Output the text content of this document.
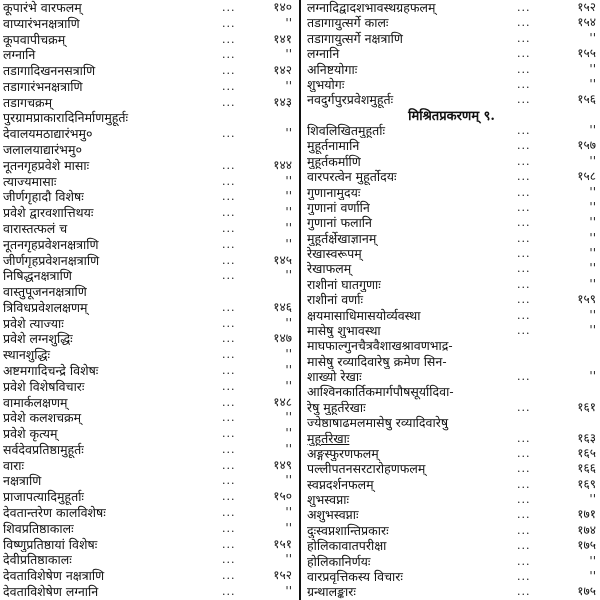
कूपारंभे वारफलम्	...	१४०
वाप्यारंभनक्षत्राणि	...	''
कूपवापीचक्रम्	...	१४१
लग्नानि	...	''
तडागादिखननसत्राणि	...	१४२
तडागारंभनक्षत्राणि	...	''
तडागचक्रम्	...	१४३
पुरग्रामप्राकारादिनिर्माणमुहूर्तः
देवालयमठाद्यारंभमु०	...	''
जलालयाद्यारंभमु०
नूतनगृहप्रवेशे मासाः	...	१४४
त्याज्यमासाः	...	''
जीर्णगृहादौ विशेषः	...	''
प्रवेशे द्वारवशात्तिथयः	...	''
वारास्तत्फलं च	...	''
नूतनगृहप्रवेशनक्षत्राणि	...	''
जीर्णगृहप्रवेशनक्षत्राणि	...	१४५
निषिद्धनक्षत्राणि	...	''
वास्तुपूजननक्षत्राणि
त्रिविधप्रवेशलक्षणम्	...	१४६
प्रवेशे त्याज्याः	...	''
प्रवेशे लग्नशुद्धिः	...	१४७
स्थानशुद्धिः	...	''
अष्टमगादिचन्द्रे विशेषः	...	''
प्रवेशे विशेषविचारः	...	''
वामार्कलक्षणम्	...	१४८
प्रवेशे कलशचक्रम्	...	''
प्रवेशे कृत्यम्	...	''
सर्वदेवप्रतिष्ठामुहूर्तः	...	''
वाराः	...	१४९
नक्षत्राणि	...	''
प्राजापत्यादिमुहूर्ताः	...	१५०
देवतान्तरेण कालविशेषः	...	''
शिवप्रतिष्ठाकालः	...	''
विष्णुप्रतिष्ठायां विशेषः	...	१५१
देवीप्रतिष्ठाकालः	...	''
देवताविशेषेण नक्षत्राणि	...	१५२
देवताविशेषेण लग्नानि	...	''
लग्नादिद्वादशभावस्थग्रहफलम्	...	१५२
तडागायुत्सर्गे कालः	...	१५४
तडागायुत्सर्गे नक्षत्राणि	...	''
लग्नानि	...	१५५
अनिष्टयोगाः	...	''
शुभयोगः	...	''
नवदुर्गपुरप्रवेशमुहूर्तः	...	१५६
मिश्रितप्रकरणम् ९.
शिवलिखितमुहूर्ताः	...	''
मुहूर्तनामानि	...	१५७
मुहूर्तकर्माणि	...	''
वारपरत्वेन मुहूर्तोदयः	...	१५८
गुणानामुदयः	...	''
गुणानां वर्णानि	...	''
गुणानां फलानि	...	''
मुहूर्तर्क्षेखाज्ञानम्	...	''
रेखास्वरूपम्	...	''
रेखाफलम्	...	''
राशीनां घातगुणाः	...	''
राशीनां वर्णाः	...	१५९
क्षयमासाधिमासयोर्व्यवस्था	...	''
मासेषु शुभावस्था	...	''
माघफाल्गुनचैत्रवैशाखश्रावणभाद्र-
मासेषु रव्यादिवारेषु क्रमेण सिन-
शाख्यो रेखाः	...	''
आश्विनकार्तिकमार्गपौषसूर्यादिवा-
रेषु मुहूर्तरेखाः	...	१६१
ज्येष्ठाषाढमलमासेषु रव्यादिवारेषु
मुहूर्तरेखाः	...	१६३
अङ्गस्फुरणफलम्	...	१६५
पल्लीपतनसरटारोहणफलम्	...	१६६
स्वप्नदर्शनफलम्	...	१६९
शुभस्वप्नाः	...	''
अशुभस्वप्नाः	...	१७१
दुःस्वप्नशान्तिप्रकारः	...	१७४
होलिकावातपरीक्षा	...	१७५
होलिकानिर्णयः	...	''
वारप्रवृत्तिकस्य विचारः	...	''
ग्रन्थालङ्कारः	...	१७५
